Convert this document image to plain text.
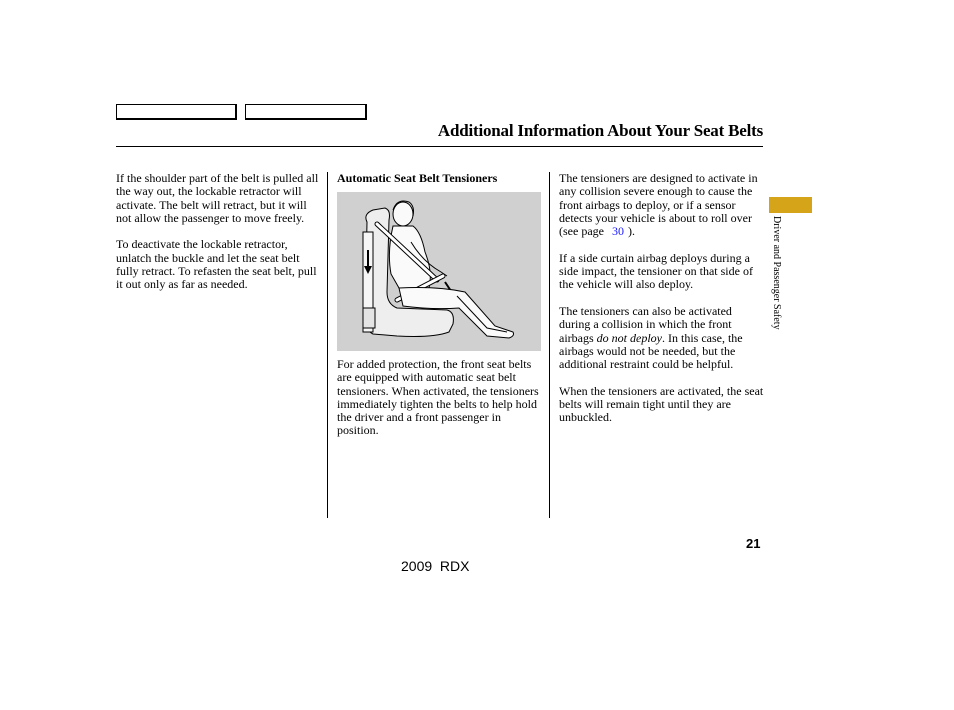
Additional Information About Your Seat Belts

If the shoulder part of the belt is pulled all the way out, the lockable retractor will activate. The belt will retract, but it will not allow the passenger to move freely.

To deactivate the lockable retractor, unlatch the buckle and let the seat belt fully retract. To refasten the seat belt, pull it out only as far as needed.

Automatic Seat Belt Tensioners

For added protection, the front seat belts are equipped with automatic seat belt tensioners. When activated, the tensioners immediately tighten the belts to help hold the driver and a front passenger in position.

The tensioners are designed to activate in any collision severe enough to cause the front airbags to deploy, or if a sensor detects your vehicle is about to roll over (see page 30 ).

If a side curtain airbag deploys during a side impact, the tensioner on that side of the vehicle will also deploy.

The tensioners can also be activated during a collision in which the front airbags do not deploy. In this case, the airbags would not be needed, but the additional restraint could be helpful.

When the tensioners are activated, the seat belts will remain tight until they are unbuckled.

Driver and Passenger Safety
21
2009  RDX
